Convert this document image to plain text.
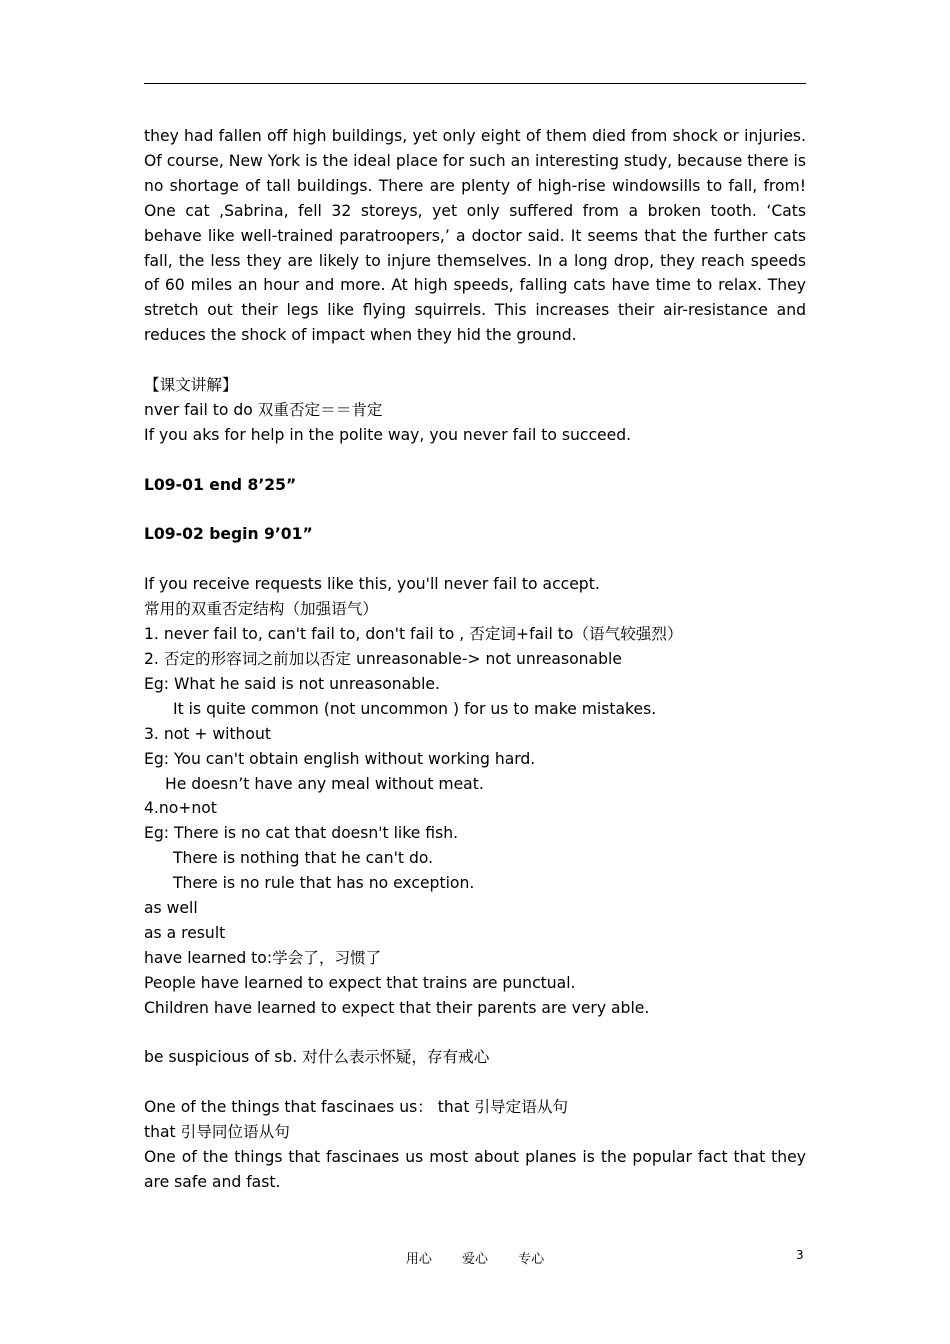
they had fallen off high buildings, yet only eight of them died from shock or injuries. Of course, New York is the ideal place for such an interesting study, because there is no shortage of tall buildings. There are plenty of high-rise windowsills to fall, from! One cat ,Sabrina, fell 32 storeys, yet only suffered from a broken tooth. ‘Cats behave like well-trained paratroopers,’ a doctor said. It seems that the further cats fall, the less they are likely to injure themselves. In a long drop, they reach speeds of 60 miles an hour and more. At high speeds, falling cats have time to relax. They stretch out their legs like flying squirrels. This increases their air-resistance and reduces the shock of impact when they hid the ground.

【课文讲解】

nver fail to do 双重否定＝＝肯定

If you aks for help in the polite way, you never fail to succeed.

L09-01 end 8’25”

L09-02 begin 9’01”

If you receive requests like this, you'll never fail to accept.

常用的双重否定结构（加强语气）

1. never fail to, can't fail to, don't fail to , 否定词+fail to（语气较强烈）

2. 否定的形容词之前加以否定 unreasonable-> not unreasonable

Eg: What he said is not unreasonable.

It is quite common (not uncommon ) for us to make mistakes.

3. not + without

Eg: You can't obtain english without working hard.

He doesn’t have any meal without meat.

4.no+not

Eg: There is no cat that doesn't like fish.

There is nothing that he can't do.

There is no rule that has no exception.

as well

as a result

have learned to:学会了，习惯了

People have learned to expect that trains are punctual.

Children have learned to expect that their parents are very able.

be suspicious of sb. 对什么表示怀疑，存有戒心

One of the things that fascinaes us： that 引导定语从句

that 引导同位语从句

One of the things that fascinaes us most about planes is the popular fact that they are safe and fast.

用心 爱心 专心	3
